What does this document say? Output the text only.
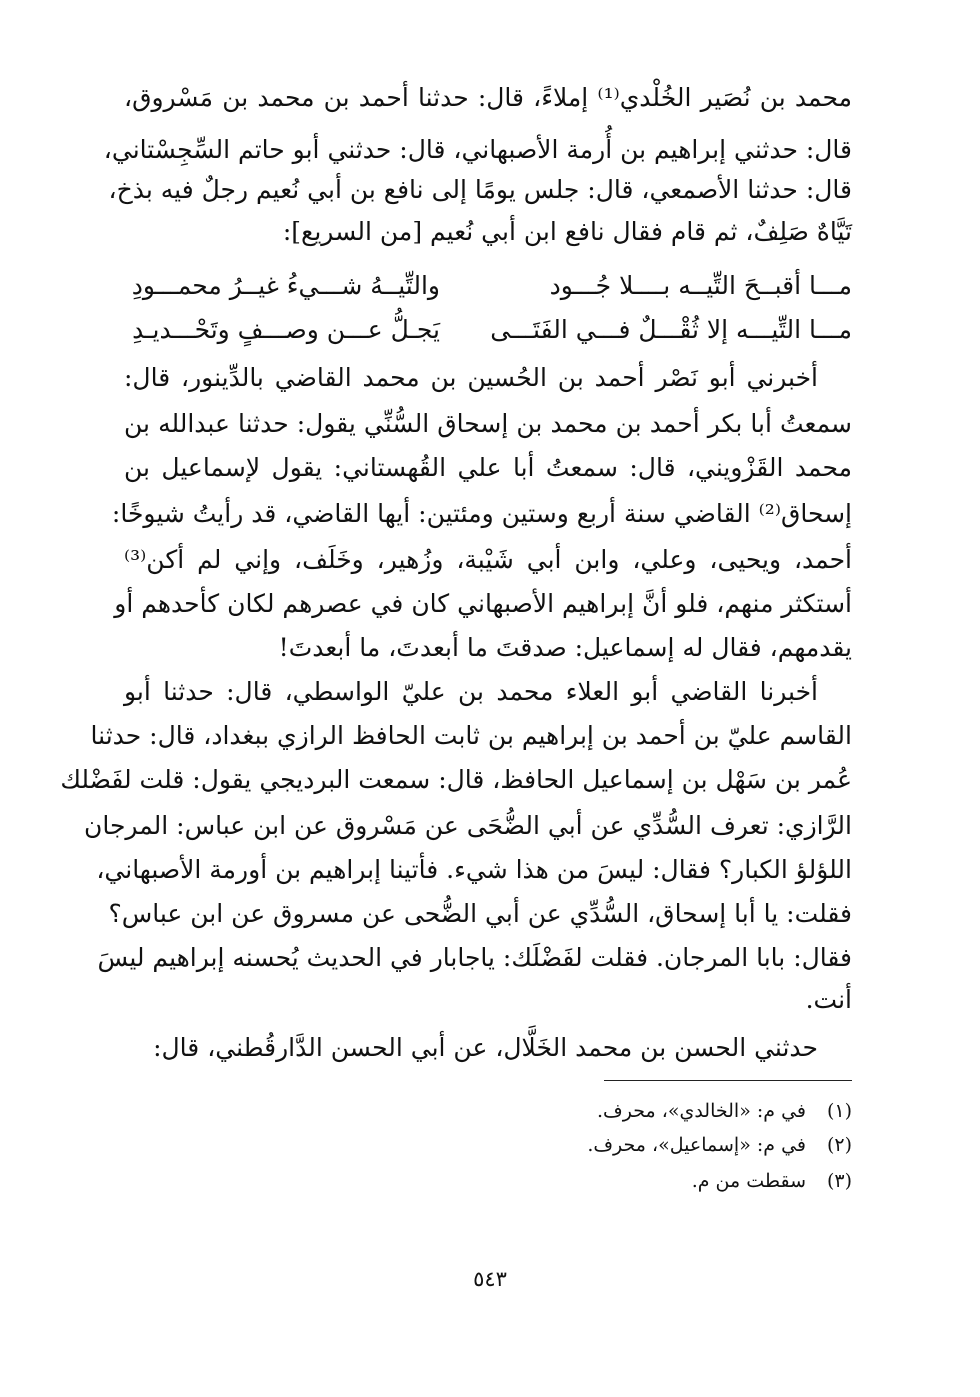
محمد بن نُصَير الخُلْدي⁽¹⁾ إملاءً، قال: حدثنا أحمد بن محمد بن مَسْروق،
قال: حدثني إبراهيم بن أُرمة الأصبهاني، قال: حدثني أبو حاتم السِّجِسْتاني،
قال: حدثنا الأصمعي، قال: جلس يومًا إلى نافع بن أبي نُعيم رجلٌ فيه بذخ،
تَيَّاهٌ صَلِفٌ، ثم قام فقال نافع ابن أبي نُعيم [من السريع]:
مـــا أقبــحَ التِّيــه بــــلا جُـــود
والتِّيــهُ شـــيءُ غيــرُ محمـــودِ
مـــا التِّيـــه إلا ثُقْـــلٌ فـــي الفَتَـــى
يَجـلُّ عـــن وصـــفٍ وتَحْـــديـدِ
أخبرني أبو نَصْر أحمد بن الحُسين بن محمد القاضي بالدِّينور، قال:
سمعتُ أبا بكر أحمد بن محمد بن إسحاق السُّنِّي يقول: حدثنا عبدالله بن
محمد القَزْويني، قال: سمعتُ أبا علي القُهستاني: يقول لإسماعيل بن
إسحاق⁽²⁾ القاضي سنة أربع وستين ومئتين: أيها القاضي، قد رأيتُ شيوخًا:
أحمد، ويحيى، وعلي، وابن أبي شَيْبة، وزُهير، وخَلَف، وإني لم أكن⁽³⁾
أستكثر منهم، فلو أنَّ إبراهيم الأصبهاني كان في عصرهم لكان كأحدهم أو
يقدمهم، فقال له إسماعيل: صدقتَ ما أبعدتَ، ما أبعدتَ!
أخبرنا القاضي أبو العلاء محمد بن عليّ الواسطي، قال: حدثنا أبو
القاسم عليّ بن أحمد بن إبراهيم بن ثابت الحافظ الرازي ببغداد، قال: حدثنا
عُمر بن سَهْل بن إسماعيل الحافظ، قال: سمعت البرديجي يقول: قلت لفَضْلك
الرَّازي: تعرف السُّدِّي عن أبي الضُّحَى عن مَسْروق عن ابن عباس: المرجان
اللؤلؤ الكبار؟ فقال: ليسَ من هذا شيء. فأتينا إبراهيم بن أورمة الأصبهاني،
فقلت: يا أبا إسحاق، السُّدِّي عن أبي الضُّحى عن مسروق عن ابن عباس؟
فقال: بابا المرجان. فقلت لفَضْلَك: ياجابار في الحديث يُحسنه إبراهيم ليسَ
أنت.
حدثني الحسن بن محمد الخَلَّال، عن أبي الحسن الدَّارقُطني، قال:
(١)في م: «الخالدي»، محرف.
(٢)في م: «إسماعيل»، محرف.
(٣)سقطت من م.
٥٤٣
